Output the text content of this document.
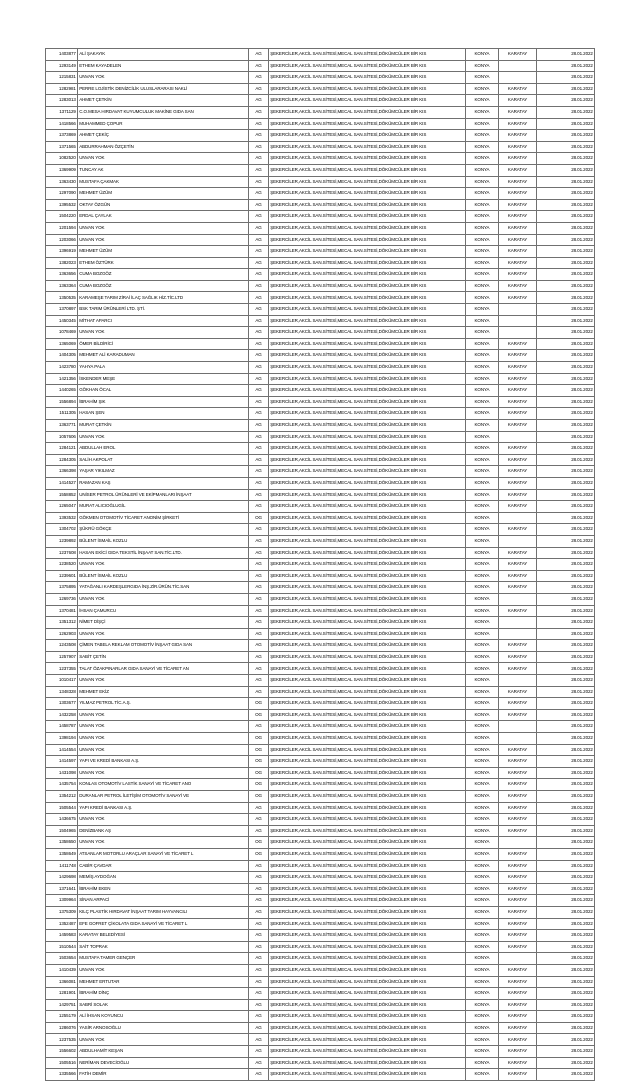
1403877	ALİ ŞAKAYIK	AG	ŞEKERCİLER,AKCİL SAN.SİTESİ,MECAL SAN.SİTESİ,DÖKÜMCÜLER BİR KIS	KONYA	KARATAY	28.01.2022
1293149	ETHEM KAYADELEN	AG	ŞEKERCİLER,AKCİL SAN.SİTESİ,MECAL SAN.SİTESİ,DÖKÜMCÜLER BİR KIS	KONYA		28.01.2022
1215831	UNVAN YOK	AG	ŞEKERCİLER,AKCİL SAN.SİTESİ,MECAL SAN.SİTESİ,DÖKÜMCÜLER BİR KIS	KONYA		28.01.2022
1282981	PERRE LOJİSTİK DENİZCİLİK ULUSLARARASI NAKLİ	AG	ŞEKERCİLER,AKCİL SAN.SİTESİ,MECAL SAN.SİTESİ,DÖKÜMCÜLER BİR KIS	KONYA	KARATAY	28.01.2022
1283013	AHMET ÇETKİN	AG	ŞEKERCİLER,AKCİL SAN.SİTESİ,MECAL SAN.SİTESİ,DÖKÜMCÜLER BİR KIS	KONYA	KARATAY	28.01.2022
1371129	C.O.MESA HIRDAVAT KUYUMCULUK MAKİNE GIDA SAN	AG	ŞEKERCİLER,AKCİL SAN.SİTESİ,MECAL SAN.SİTESİ,DÖKÜMCÜLER BİR KIS	KONYA	KARATAY	28.01.2022
1418566	MUHAMMED ÇOPUR	AG	ŞEKERCİLER,AKCİL SAN.SİTESİ,MECAL SAN.SİTESİ,DÖKÜMCÜLER BİR KIS	KONYA	KARATAY	28.01.2022
1373869	AHMET ÇEKİÇ	AG	ŞEKERCİLER,AKCİL SAN.SİTESİ,MECAL SAN.SİTESİ,DÖKÜMCÜLER BİR KIS	KONYA	KARATAY	28.01.2022
1371565	ABDURRAHMAN ÖZÇETİN	AG	ŞEKERCİLER,AKCİL SAN.SİTESİ,MECAL SAN.SİTESİ,DÖKÜMCÜLER BİR KIS	KONYA	KARATAY	28.01.2022
1082520	UNVAN YOK	AG	ŞEKERCİLER,AKCİL SAN.SİTESİ,MECAL SAN.SİTESİ,DÖKÜMCÜLER BİR KIS	KONYA	KARATAY	28.01.2022
1369909	TUNCAY AK	AG	ŞEKERCİLER,AKCİL SAN.SİTESİ,MECAL SAN.SİTESİ,DÖKÜMCÜLER BİR KIS	KONYA	KARATAY	28.01.2022
1363430	MUSTAFA ÇAKMAK	AG	ŞEKERCİLER,AKCİL SAN.SİTESİ,MECAL SAN.SİTESİ,DÖKÜMCÜLER BİR KIS	KONYA	KARATAY	28.01.2022
1297090	MEHMET ÜZÜM	AG	ŞEKERCİLER,AKCİL SAN.SİTESİ,MECAL SAN.SİTESİ,DÖKÜMCÜLER BİR KIS	KONYA	KARATAY	28.01.2022
1395532	OKTAY ÖZGÜN	AG	ŞEKERCİLER,AKCİL SAN.SİTESİ,MECAL SAN.SİTESİ,DÖKÜMCÜLER BİR KIS	KONYA	KARATAY	28.01.2022
1504220	ERDAL ÇAYLAK	AG	ŞEKERCİLER,AKCİL SAN.SİTESİ,MECAL SAN.SİTESİ,DÖKÜMCÜLER BİR KIS	KONYA	KARATAY	28.01.2022
1201594	UNVAN YOK	AG	ŞEKERCİLER,AKCİL SAN.SİTESİ,MECAL SAN.SİTESİ,DÖKÜMCÜLER BİR KIS	KONYA	KARATAY	28.01.2022
1203066	UNVAN YOK	AG	ŞEKERCİLER,AKCİL SAN.SİTESİ,MECAL SAN.SİTESİ,DÖKÜMCÜLER BİR KIS	KONYA	KARATAY	28.01.2022
1396919	MEHMET ÜZÜM	AG	ŞEKERCİLER,AKCİL SAN.SİTESİ,MECAL SAN.SİTESİ,DÖKÜMCÜLER BİR KIS	KONYA	KARATAY	28.01.2022
1382023	ETHEM ÖZTÜRK	AG	ŞEKERCİLER,AKCİL SAN.SİTESİ,MECAL SAN.SİTESİ,DÖKÜMCÜLER BİR KIS	KONYA	KARATAY	28.01.2022
1363656	CUMA BOZGÖZ	AG	ŞEKERCİLER,AKCİL SAN.SİTESİ,MECAL SAN.SİTESİ,DÖKÜMCÜLER BİR KIS	KONYA	KARATAY	28.01.2022
1363364	CUMA BOZGÖZ	AG	ŞEKERCİLER,AKCİL SAN.SİTESİ,MECAL SAN.SİTESİ,DÖKÜMCÜLER BİR KIS	KONYA	KARATAY	28.01.2022
1350535	KARAMEŞE TARIM ZİRAİ İLAÇ SAĞLIK HİZ.TİC.LTD	AG	ŞEKERCİLER,AKCİL SAN.SİTESİ,MECAL SAN.SİTESİ,DÖKÜMCÜLER BİR KIS	KONYA	KARATAY	28.01.2022
1370897	BSK TARIM ÜRÜNLERİ LTD. ŞTİ.	AG	ŞEKERCİLER,AKCİL SAN.SİTESİ,MECAL SAN.SİTESİ,DÖKÜMCÜLER BİR KIS	KONYA		28.01.2022
1450345	MİTHAT APARCI	AG	ŞEKERCİLER,AKCİL SAN.SİTESİ,MECAL SAN.SİTESİ,DÖKÜMCÜLER BİR KIS	KONYA		28.01.2022
1078469	UNVAN YOK	AG	ŞEKERCİLER,AKCİL SAN.SİTESİ,MECAL SAN.SİTESİ,DÖKÜMCÜLER BİR KIS	KONYA		28.01.2022
1365069	ÖMER BİLDİRİCİ	AG	ŞEKERCİLER,AKCİL SAN.SİTESİ,MECAL SAN.SİTESİ,DÖKÜMCÜLER BİR KIS	KONYA	KARATAY	28.01.2022
1404305	MEHMET ALİ KARADUMAN	AG	ŞEKERCİLER,AKCİL SAN.SİTESİ,MECAL SAN.SİTESİ,DÖKÜMCÜLER BİR KIS	KONYA	KARATAY	28.01.2022
1423780	YAHYA PALA	AG	ŞEKERCİLER,AKCİL SAN.SİTESİ,MECAL SAN.SİTESİ,DÖKÜMCÜLER BİR KIS	KONYA	KARATAY	28.01.2022
1421356	İSKENDER MEŞE	AG	ŞEKERCİLER,AKCİL SAN.SİTESİ,MECAL SAN.SİTESİ,DÖKÜMCÜLER BİR KIS	KONYA	KARATAY	28.01.2022
1440265	GÖKHAN ÖCAL	AG	ŞEKERCİLER,AKCİL SAN.SİTESİ,MECAL SAN.SİTESİ,DÖKÜMCÜLER BİR KIS	KONYA	KARATAY	28.01.2022
1556894	İBRAHİM ŞIK	AG	ŞEKERCİLER,AKCİL SAN.SİTESİ,MECAL SAN.SİTESİ,DÖKÜMCÜLER BİR KIS	KONYA	KARATAY	28.01.2022
1511305	HASAN ŞEN	AG	ŞEKERCİLER,AKCİL SAN.SİTESİ,MECAL SAN.SİTESİ,DÖKÜMCÜLER BİR KIS	KONYA	KARATAY	28.01.2022
1363771	MURAT ÇETKİN	AG	ŞEKERCİLER,AKCİL SAN.SİTESİ,MECAL SAN.SİTESİ,DÖKÜMCÜLER BİR KIS	KONYA	KARATAY	28.01.2022
1057606	UNVAN YOK	AG	ŞEKERCİLER,AKCİL SAN.SİTESİ,MECAL SAN.SİTESİ,DÖKÜMCÜLER BİR KIS	KONYA		28.01.2022
1284121	ABDULLAH EROL	AG	ŞEKERCİLER,AKCİL SAN.SİTESİ,MECAL SAN.SİTESİ,DÖKÜMCÜLER BİR KIS	KONYA	KARATAY	28.01.2022
1284305	SALİH AKPOLAT	AG	ŞEKERCİLER,AKCİL SAN.SİTESİ,MECAL SAN.SİTESİ,DÖKÜMCÜLER BİR KIS	KONYA	KARATAY	28.01.2022
1366398	YAŞAR YIKILMAZ	AG	ŞEKERCİLER,AKCİL SAN.SİTESİ,MECAL SAN.SİTESİ,DÖKÜMCÜLER BİR KIS	KONYA	KARATAY	28.01.2022
1414527	RAMAZAN KAŞ	AG	ŞEKERCİLER,AKCİL SAN.SİTESİ,MECAL SAN.SİTESİ,DÖKÜMCÜLER BİR KIS	KONYA	KARATAY	28.01.2022
1558852	UNİSER PETROL ÜRÜNLERİ VE EKİPMANLARI İNŞAAT	AG	ŞEKERCİLER,AKCİL SAN.SİTESİ,MECAL SAN.SİTESİ,DÖKÜMCÜLER BİR KIS	KONYA	KARATAY	28.01.2022
1265047	MURAT ALICIOĞLUGİL	AG	ŞEKERCİLER,AKCİL SAN.SİTESİ,MECAL SAN.SİTESİ,DÖKÜMCÜLER BİR KIS	KONYA	KARATAY	28.01.2022
1393532	GÖKMEN OTOMOTİV TİCARET ANONİM ŞİRKETİ	OG	ŞEKERCİLER,AKCİL SAN.SİTESİ,MECAL SAN.SİTESİ,DÖKÜMCÜLER BİR KIS	KONYA		28.01.2022
1304702	ŞÜKRÜ GÖKÇE	AG	ŞEKERCİLER,AKCİL SAN.SİTESİ,MECAL SAN.SİTESİ,DÖKÜMCÜLER BİR KIS	KONYA	KARATAY	28.01.2022
1239892	BÜLENT İSMAİL KOZLU	AG	ŞEKERCİLER,AKCİL SAN.SİTESİ,MECAL SAN.SİTESİ,DÖKÜMCÜLER BİR KIS	KONYA		28.01.2022
1237608	HASAN EKİCİ GIDA TEKSTİL İNŞAAT SAN.TİC.LTD.	AG	ŞEKERCİLER,AKCİL SAN.SİTESİ,MECAL SAN.SİTESİ,DÖKÜMCÜLER BİR KIS	KONYA	KARATAY	28.01.2022
1238520	UNVAN YOK	AG	ŞEKERCİLER,AKCİL SAN.SİTESİ,MECAL SAN.SİTESİ,DÖKÜMCÜLER BİR KIS	KONYA	KARATAY	28.01.2022
1239601	BÜLENT İSMAİL KOZLU	AG	ŞEKERCİLER,AKCİL SAN.SİTESİ,MECAL SAN.SİTESİ,DÖKÜMCÜLER BİR KIS	KONYA	KARATAY	28.01.2022
1375895	YATAĞANLI KARDEŞLERGIDA İNŞ.ZİR.ÜRÜN.TİC.SAN	AG	ŞEKERCİLER,AKCİL SAN.SİTESİ,MECAL SAN.SİTESİ,DÖKÜMCÜLER BİR KIS	KONYA	KARATAY	28.01.2022
1269736	UNVAN YOK	AG	ŞEKERCİLER,AKCİL SAN.SİTESİ,MECAL SAN.SİTESİ,DÖKÜMCÜLER BİR KIS	KONYA		28.01.2022
1370481	İHSAN ÇAMURCU	AG	ŞEKERCİLER,AKCİL SAN.SİTESİ,MECAL SAN.SİTESİ,DÖKÜMCÜLER BİR KIS	KONYA	KARATAY	28.01.2022
1351312	NİMET DİŞÇİ	AG	ŞEKERCİLER,AKCİL SAN.SİTESİ,MECAL SAN.SİTESİ,DÖKÜMCÜLER BİR KIS	KONYA		28.01.2022
1262903	UNVAN YOK	AG	ŞEKERCİLER,AKCİL SAN.SİTESİ,MECAL SAN.SİTESİ,DÖKÜMCÜLER BİR KIS	KONYA		28.01.2022
1243508	ÇİMEN TABELA REKLAM OTOMOTİV İNŞAAT GIDA SAN	AG	ŞEKERCİLER,AKCİL SAN.SİTESİ,MECAL SAN.SİTESİ,DÖKÜMCÜLER BİR KIS	KONYA	KARATAY	28.01.2022
1257907	SABİT ÇETİN	AG	ŞEKERCİLER,AKCİL SAN.SİTESİ,MECAL SAN.SİTESİ,DÖKÜMCÜLER BİR KIS	KONYA	KARATAY	28.01.2022
1237355	TALAT ÖZAKPINARLAR GIDA SANAYİ VE TİCARET AN	AG	ŞEKERCİLER,AKCİL SAN.SİTESİ,MECAL SAN.SİTESİ,DÖKÜMCÜLER BİR KIS	KONYA	KARATAY	28.01.2022
1010417	UNVAN YOK	AG	ŞEKERCİLER,AKCİL SAN.SİTESİ,MECAL SAN.SİTESİ,DÖKÜMCÜLER BİR KIS	KONYA		28.01.2022
1348328	MEHMET EKİZ	AG	ŞEKERCİLER,AKCİL SAN.SİTESİ,MECAL SAN.SİTESİ,DÖKÜMCÜLER BİR KIS	KONYA	KARATAY	28.01.2022
1303677	YILMAZ PETROL TİC.A.Ş.	OG	ŞEKERCİLER,AKCİL SAN.SİTESİ,MECAL SAN.SİTESİ,DÖKÜMCÜLER BİR KIS	KONYA	KARATAY	28.01.2022
1432258	UNVAN YOK	OG	ŞEKERCİLER,AKCİL SAN.SİTESİ,MECAL SAN.SİTESİ,DÖKÜMCÜLER BİR KIS	KONYA	KARATAY	28.01.2022
1458787	UNVAN YOK	AG	ŞEKERCİLER,AKCİL SAN.SİTESİ,MECAL SAN.SİTESİ,DÖKÜMCÜLER BİR KIS	KONYA		28.01.2022
1398194	UNVAN YOK	OG	ŞEKERCİLER,AKCİL SAN.SİTESİ,MECAL SAN.SİTESİ,DÖKÜMCÜLER BİR KIS	KONYA		28.01.2022
1414554	UNVAN YOK	OG	ŞEKERCİLER,AKCİL SAN.SİTESİ,MECAL SAN.SİTESİ,DÖKÜMCÜLER BİR KIS	KONYA	KARATAY	28.01.2022
1414597	YAPI VE KREDİ BANKASI A.Ş.	OG	ŞEKERCİLER,AKCİL SAN.SİTESİ,MECAL SAN.SİTESİ,DÖKÜMCÜLER BİR KIS	KONYA	KARATAY	28.01.2022
1431098	UNVAN YOK	OG	ŞEKERCİLER,AKCİL SAN.SİTESİ,MECAL SAN.SİTESİ,DÖKÜMCÜLER BİR KIS	KONYA	KARATAY	28.01.2022
1435754	KONLAS OTOMOTİV LASTİK SANAYİ VE TİCARET ANO	OG	ŞEKERCİLER,AKCİL SAN.SİTESİ,MECAL SAN.SİTESİ,DÖKÜMCÜLER BİR KIS	KONYA	KARATAY	28.01.2022
1354212	DURANLAR PETROL İLETİŞİM OTOMOTİV SANAYİ VE	OG	ŞEKERCİLER,AKCİL SAN.SİTESİ,MECAL SAN.SİTESİ,DÖKÜMCÜLER BİR KIS	KONYA	KARATAY	28.01.2022
1505544	YAPI KREDİ BANKASI A.Ş.	AG	ŞEKERCİLER,AKCİL SAN.SİTESİ,MECAL SAN.SİTESİ,DÖKÜMCÜLER BİR KIS	KONYA	KARATAY	28.01.2022
1436675	UNVAN YOK	AG	ŞEKERCİLER,AKCİL SAN.SİTESİ,MECAL SAN.SİTESİ,DÖKÜMCÜLER BİR KIS	KONYA	KARATAY	28.01.2022
1504965	DENİZBANK AŞ	AG	ŞEKERCİLER,AKCİL SAN.SİTESİ,MECAL SAN.SİTESİ,DÖKÜMCÜLER BİR KIS	KONYA	KARATAY	28.01.2022
1358650	UNVAN YOK	OG	ŞEKERCİLER,AKCİL SAN.SİTESİ,MECAL SAN.SİTESİ,DÖKÜMCÜLER BİR KIS	KONYA		28.01.2022
1358649	ATSANLAR MOTORLU ARAÇLAR SANAYİ VE TİCARET L	OG	ŞEKERCİLER,AKCİL SAN.SİTESİ,MECAL SAN.SİTESİ,DÖKÜMCÜLER BİR KIS	KONYA	KARATAY	28.01.2022
1411748	CABİR ÇAVDAR	AG	ŞEKERCİLER,AKCİL SAN.SİTESİ,MECAL SAN.SİTESİ,DÖKÜMCÜLER BİR KIS	KONYA	KARATAY	28.01.2022
1429698	MEMİŞ AYDOĞAN	AG	ŞEKERCİLER,AKCİL SAN.SİTESİ,MECAL SAN.SİTESİ,DÖKÜMCÜLER BİR KIS	KONYA	KARATAY	28.01.2022
1371641	İBRAHİM EKEN	AG	ŞEKERCİLER,AKCİL SAN.SİTESİ,MECAL SAN.SİTESİ,DÖKÜMCÜLER BİR KIS	KONYA	KARATAY	28.01.2022
1309964	SİNAN ARPACİ	AG	ŞEKERCİLER,AKCİL SAN.SİTESİ,MECAL SAN.SİTESİ,DÖKÜMCÜLER BİR KIS	KONYA	KARATAY	28.01.2022
1375309	KILÇ PLASTİK HIRDAVAT İNŞAAT TARIM HAYVANCILI	AG	ŞEKERCİLER,AKCİL SAN.SİTESİ,MECAL SAN.SİTESİ,DÖKÜMCÜLER BİR KIS	KONYA	KARATAY	28.01.2022
1352487	EFE GOFRET ÇİKOLATA GIDA SANAYİ VE TİCARET L	AG	ŞEKERCİLER,AKCİL SAN.SİTESİ,MECAL SAN.SİTESİ,DÖKÜMCÜLER BİR KIS	KONYA	KARATAY	28.01.2022
1459583	KARATAY BELEDİYESİ	AG	ŞEKERCİLER,AKCİL SAN.SİTESİ,MECAL SAN.SİTESİ,DÖKÜMCÜLER BİR KIS	KONYA	KARATAY	28.01.2022
1510544	SAİT TOPRAK	AG	ŞEKERCİLER,AKCİL SAN.SİTESİ,MECAL SAN.SİTESİ,DÖKÜMCÜLER BİR KIS	KONYA	KARATAY	28.01.2022
1503654	MUSTAFA TAMER GENÇER	AG	ŞEKERCİLER,AKCİL SAN.SİTESİ,MECAL SAN.SİTESİ,DÖKÜMCÜLER BİR KIS	KONYA		28.01.2022
1410439	UNVAN YOK	AG	ŞEKERCİLER,AKCİL SAN.SİTESİ,MECAL SAN.SİTESİ,DÖKÜMCÜLER BİR KIS	KONYA	KARATAY	28.01.2022
1366081	MEHMET ERTUTAR	AG	ŞEKERCİLER,AKCİL SAN.SİTESİ,MECAL SAN.SİTESİ,DÖKÜMCÜLER BİR KIS	KONYA	KARATAY	28.01.2022
1281901	İBRAHİM DİNÇ	AG	ŞEKERCİLER,AKCİL SAN.SİTESİ,MECAL SAN.SİTESİ,DÖKÜMCÜLER BİR KIS	KONYA	KARATAY	28.01.2022
1429751	SABRİ SOLAK	AG	ŞEKERCİLER,AKCİL SAN.SİTESİ,MECAL SAN.SİTESİ,DÖKÜMCÜLER BİR KIS	KONYA	KARATAY	28.01.2022
1255179	ALİ İHSAN KOYUNCU	AG	ŞEKERCİLER,AKCİL SAN.SİTESİ,MECAL SAN.SİTESİ,DÖKÜMCÜLER BİR KIS	KONYA	KARATAY	28.01.2022
1286076	YASİR ARNOSOĞLU	AG	ŞEKERCİLER,AKCİL SAN.SİTESİ,MECAL SAN.SİTESİ,DÖKÜMCÜLER BİR KIS	KONYA	KARATAY	28.01.2022
1237535	UNVAN YOK	AG	ŞEKERCİLER,AKCİL SAN.SİTESİ,MECAL SAN.SİTESİ,DÖKÜMCÜLER BİR KIS	KONYA	KARATAY	28.01.2022
1556602	ABDULHAMİT KEŞAN	AG	ŞEKERCİLER,AKCİL SAN.SİTESİ,MECAL SAN.SİTESİ,DÖKÜMCÜLER BİR KIS	KONYA	KARATAY	28.01.2022
1505516	NERİMAN DEVECİOĞLU	AG	ŞEKERCİLER,AKCİL SAN.SİTESİ,MECAL SAN.SİTESİ,DÖKÜMCÜLER BİR KIS	KONYA	KARATAY	28.01.2022
1335566	FATİH DEMİR	AG	ŞEKERCİLER,AKCİL SAN.SİTESİ,MECAL SAN.SİTESİ,DÖKÜMCÜLER BİR KIS	KONYA	KARATAY	28.01.2022
